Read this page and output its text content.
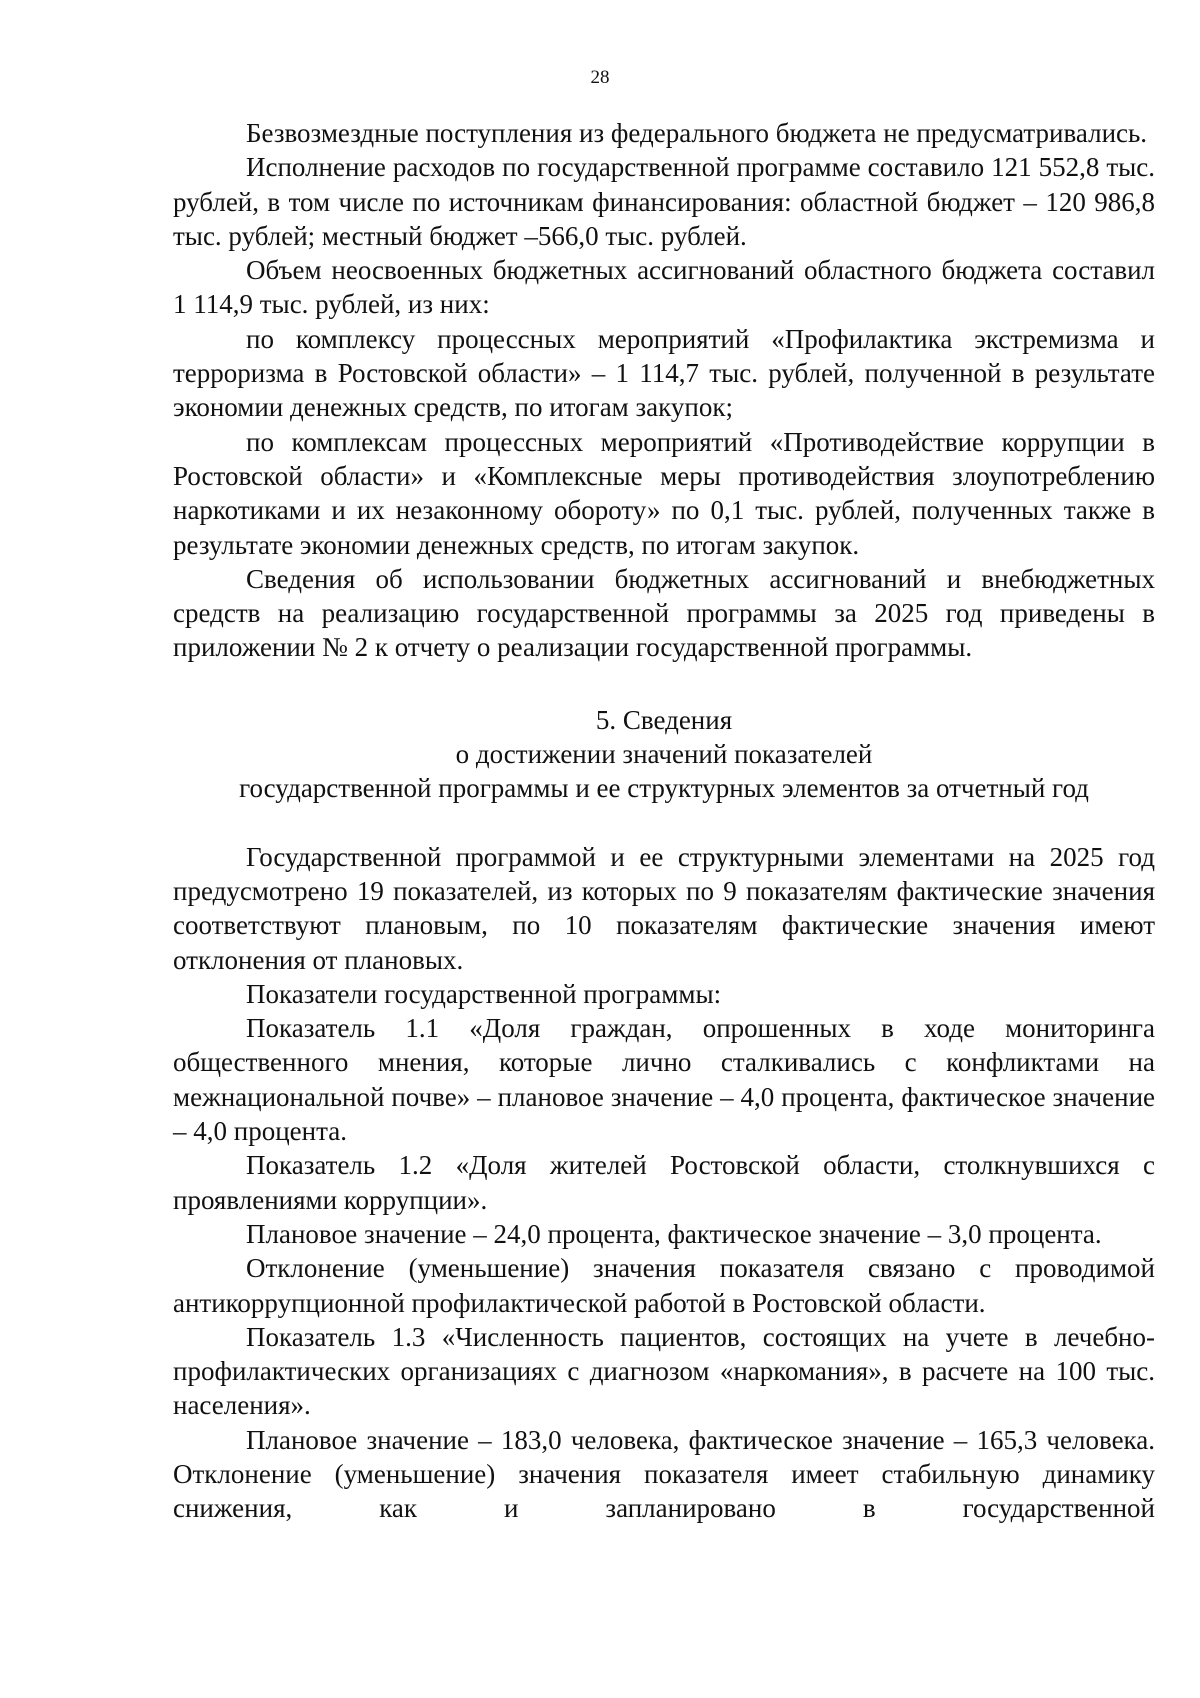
28

Безвозмездные поступления из федерального бюджета не предусматривались.

Исполнение расходов по государственной программе составило 121 552,8 тыс. рублей, в том числе по источникам финансирования: областной бюджет – 120 986,8 тыс. рублей; местный бюджет –566,0 тыс. рублей.

Объем неосвоенных бюджетных ассигнований областного бюджета составил 1 114,9 тыс. рублей, из них:

по комплексу процессных мероприятий «Профилактика экстремизма и терроризма в Ростовской области» – 1 114,7 тыс. рублей, полученной в результате экономии денежных средств, по итогам закупок;

по комплексам процессных мероприятий «Противодействие коррупции в Ростовской области» и «Комплексные меры противодействия злоупотреблению наркотиками и их незаконному обороту» по 0,1 тыс. рублей, полученных также в результате экономии денежных средств, по итогам закупок.

Сведения об использовании бюджетных ассигнований и внебюджетных средств на реализацию государственной программы за 2025 год приведены в приложении № 2 к отчету о реализации государственной программы.

5. Сведения
о достижении значений показателей
государственной программы и ее структурных элементов за отчетный год

Государственной программой и ее структурными элементами на 2025 год предусмотрено 19 показателей, из которых по 9 показателям фактические значения соответствуют плановым, по 10 показателям фактические значения имеют отклонения от плановых.

Показатели государственной программы:

Показатель 1.1 «Доля граждан, опрошенных в ходе мониторинга общественного мнения, которые лично сталкивались с конфликтами на межнациональной почве» – плановое значение – 4,0 процента, фактическое значение – 4,0 процента.

Показатель 1.2 «Доля жителей Ростовской области, столкнувшихся с проявлениями коррупции».

Плановое значение – 24,0 процента, фактическое значение – 3,0 процента.

Отклонение (уменьшение) значения показателя связано с проводимой антикоррупционной профилактической работой в Ростовской области.

Показатель 1.3 «Численность пациентов, состоящих на учете в лечебно-профилактических организациях с диагнозом «наркомания», в расчете на 100 тыс. населения».

Плановое значение – 183,0 человека, фактическое значение – 165,3 человека. Отклонение (уменьшение) значения показателя имеет стабильную динамику снижения, как и запланировано в государственной
